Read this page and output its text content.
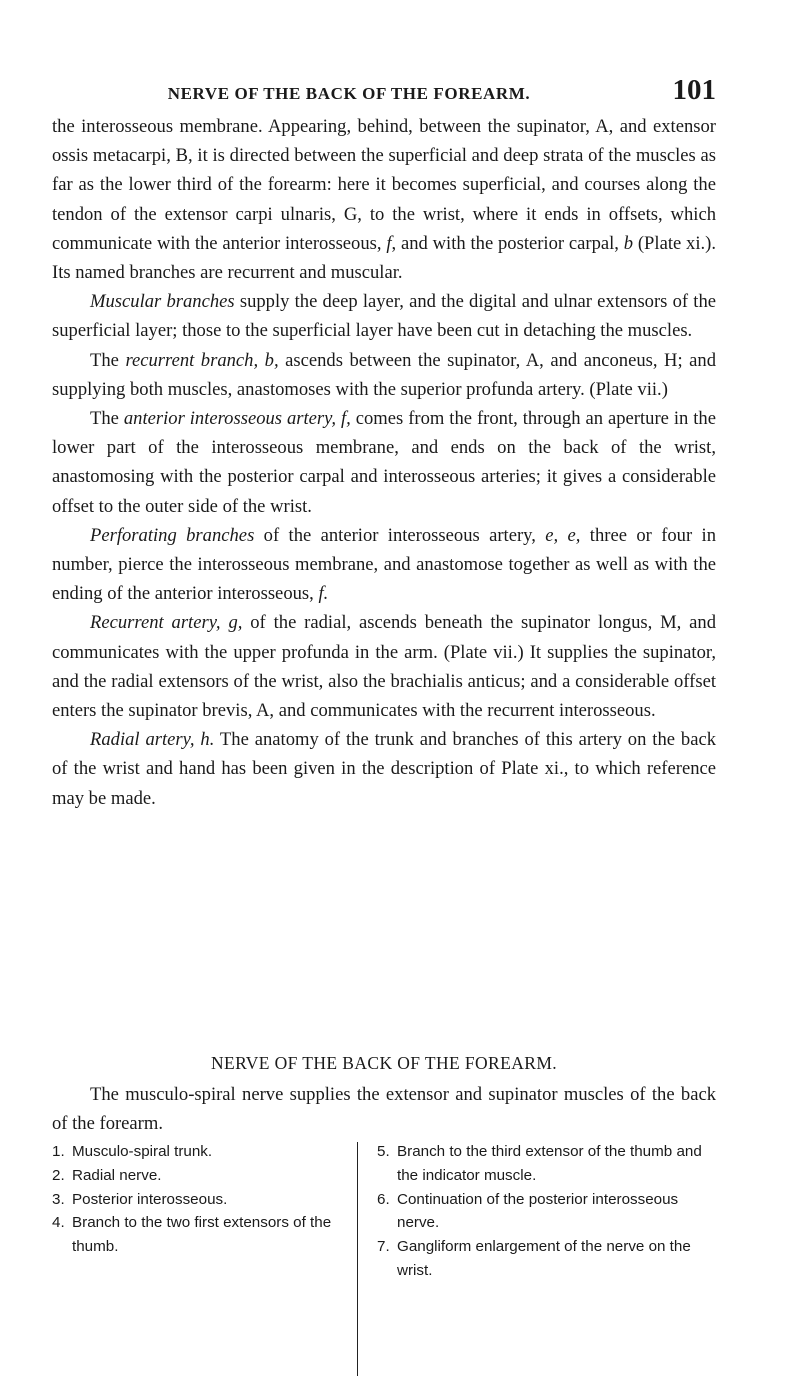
NERVE OF THE BACK OF THE FOREARM.	101

the interosseous membrane. Appearing, behind, between the supinator, A, and extensor ossis metacarpi, B, it is directed between the superficial and deep strata of the muscles as far as the lower third of the forearm: here it becomes superficial, and courses along the tendon of the extensor carpi ulnaris, G, to the wrist, where it ends in offsets, which communicate with the anterior interosseous, f, and with the posterior carpal, b (Plate xi.). Its named branches are recurrent and muscular.

Muscular branches supply the deep layer, and the digital and ulnar extensors of the superficial layer; those to the superficial layer have been cut in detaching the muscles.

The recurrent branch, b, ascends between the supinator, A, and anconeus, H; and supplying both muscles, anastomoses with the superior profunda artery. (Plate vii.)

The anterior interosseous artery, f, comes from the front, through an aperture in the lower part of the interosseous membrane, and ends on the back of the wrist, anastomosing with the posterior carpal and interosseous arteries; it gives a considerable offset to the outer side of the wrist.

Perforating branches of the anterior interosseous artery, e, e, three or four in number, pierce the interosseous membrane, and anastomose together as well as with the ending of the anterior interosseous, f.

Recurrent artery, g, of the radial, ascends beneath the supinator longus, M, and communicates with the upper profunda in the arm. (Plate vii.) It supplies the supinator, and the radial extensors of the wrist, also the brachialis anticus; and a considerable offset enters the supinator brevis, A, and communicates with the recurrent interosseous.

Radial artery, h. The anatomy of the trunk and branches of this artery on the back of the wrist and hand has been given in the description of Plate xi., to which reference may be made.

NERVE OF THE BACK OF THE FOREARM.
The musculo-spiral nerve supplies the extensor and supinator muscles of the back of the forearm.
1. Musculo-spiral trunk.
2. Radial nerve.
3. Posterior interosseous.
4. Branch to the two first extensors of the thumb.
5. Branch to the third extensor of the thumb and the indicator muscle.
6. Continuation of the posterior interosseous nerve.
7. Gangliform enlargement of the nerve on the wrist.
